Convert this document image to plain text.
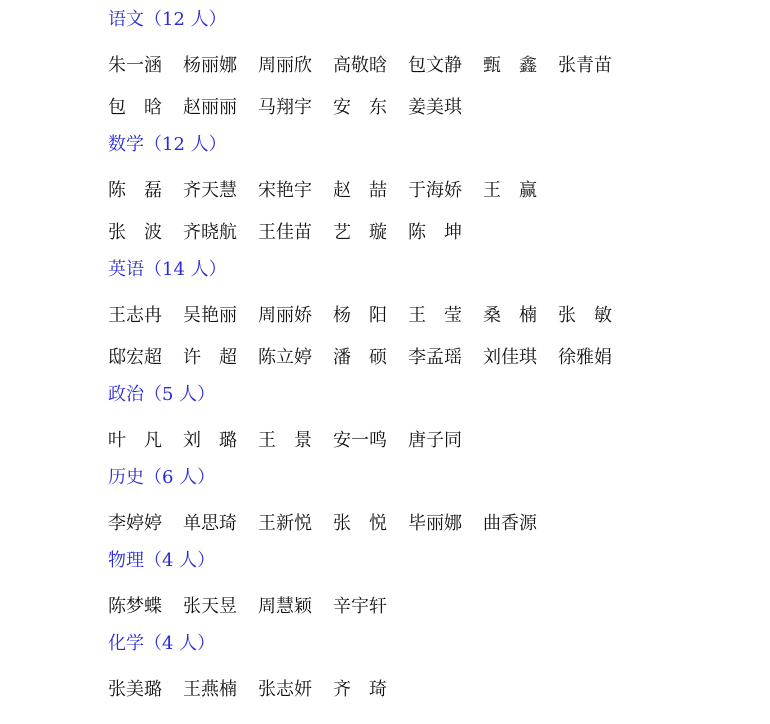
语文（12 人）
朱一涵	杨丽娜	周丽欣	高敬晗	包文静	甄　鑫	张青苗
包　晗	赵丽丽	马翔宇	安　东	姜美琪
数学（12 人）
陈　磊	齐天慧	宋艳宇	赵　喆	于海娇	王　赢
张　波	齐晓航	王佳苗	艺　璇	陈　坤
英语（14 人）
王志冉	吴艳丽	周丽娇	杨　阳	王　莹	桑　楠	张　敏
邸宏超	许　超	陈立婷	潘　硕	李孟瑶	刘佳琪	徐雅娟
政治（5 人）
叶　凡	刘　璐	王　景	安一鸣	唐子同
历史（6 人）
李婷婷	单思琦	王新悦	张　悦	毕丽娜	曲香源
物理（4 人）
陈梦蝶	张天昱	周慧颖	辛宇轩
化学（4 人）
张美璐	王燕楠	张志妍	齐　琦
